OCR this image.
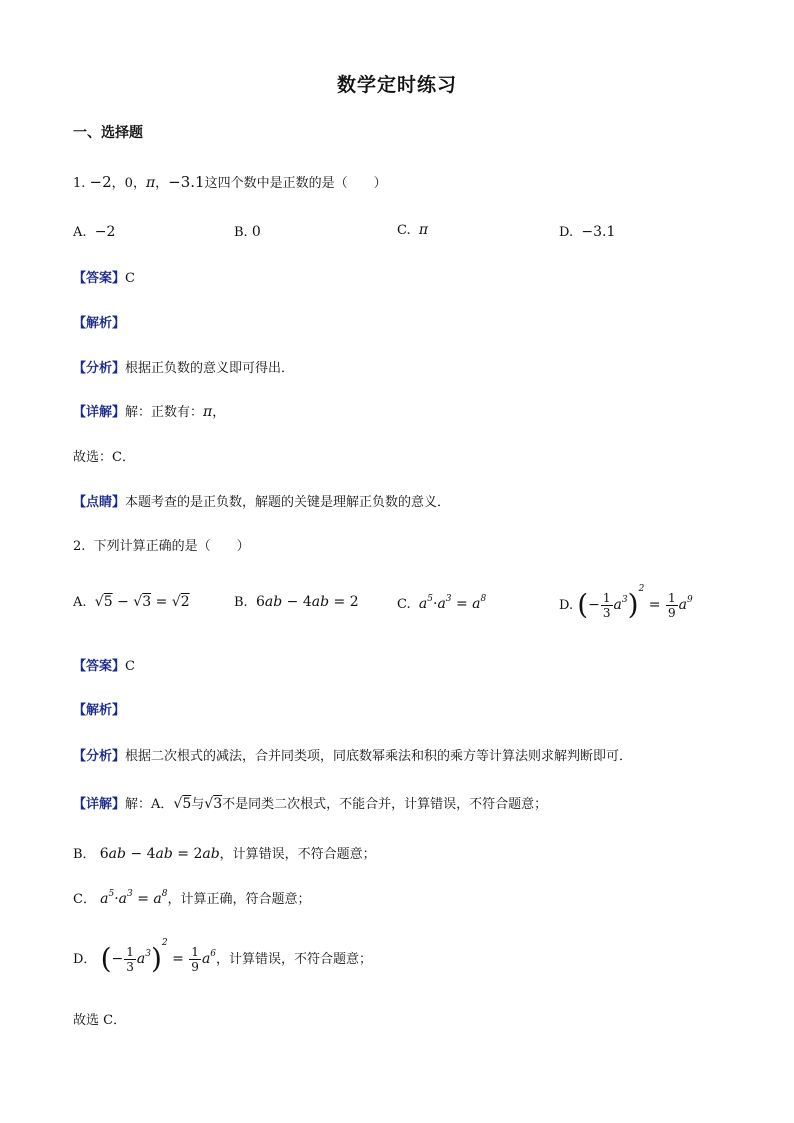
数学定时练习
一、选择题
1. −2，0，π，−3.1这四个数中是正数的是（　　）
A. −2	B. 0	C. π	D. −3.1
【答案】C
【解析】
【分析】根据正负数的意义即可得出．
【详解】解：正数有：π，
故选：C．
【点睛】本题考查的是正负数，解题的关键是理解正负数的意义．
2. 下列计算正确的是（　　）
A. √5 − √3 = √2	B. 6ab − 4ab = 2	C. $a^5\cdot a^3 = a^8$	D. (− $\frac{1}{3} a^3)^2 = \frac{1}{9} a^9$
【答案】C
【解析】
【分析】根据二次根式的减法，合并同类项，同底数幂乘法和积的乘方等计算法则求解判断即可．
【详解】解：A．√5与√3不是同类二次根式，不能合并，计算错误，不符合题意；
B． 6ab − 4ab = 2ab，计算错误，不符合题意；
C． $a^5\cdot a^3 = a^8$，计算正确，符合题意；
D． (− $\frac{1}{3} a^3)^2 = \frac{1}{9} a^6$，计算错误，不符合题意；
故选 C．
